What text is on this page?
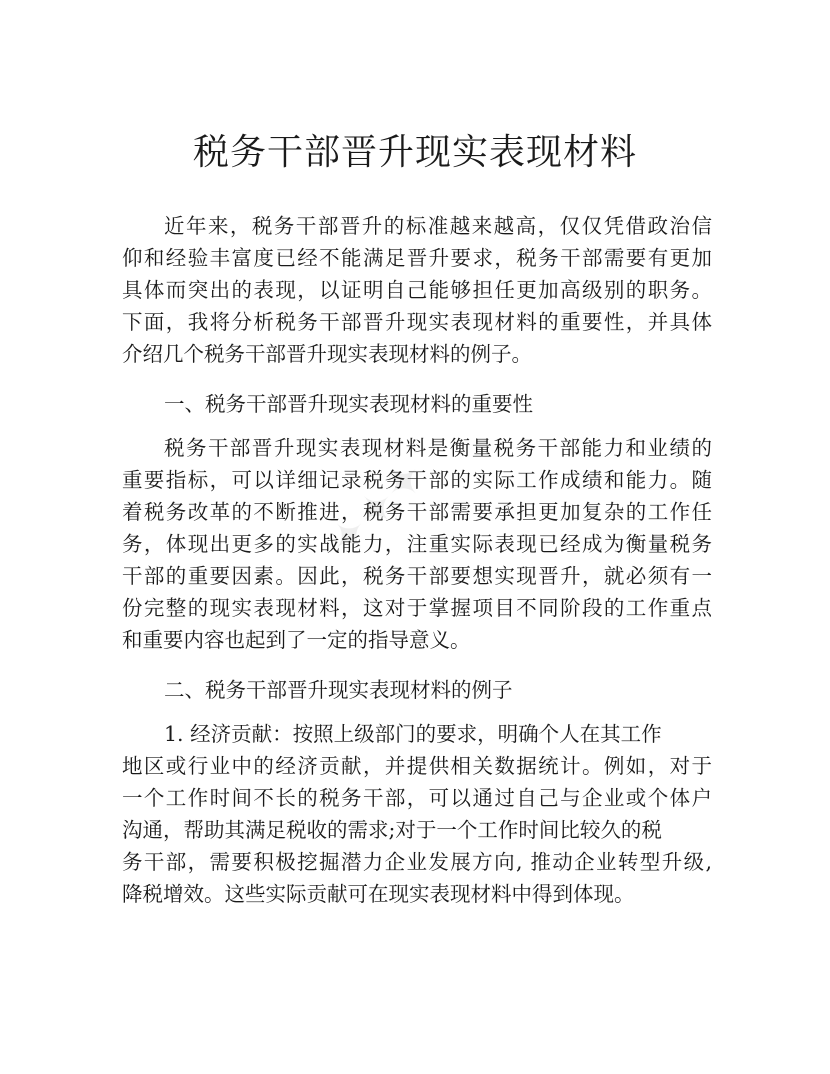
✦✦✦
税务干部晋升现实表现材料
近年来，税务干部晋升的标准越来越高，仅仅凭借政治信
仰和经验丰富度已经不能满足晋升要求，税务干部需要有更加
具体而突出的表现，以证明自己能够担任更加高级别的职务。
下面，我将分析税务干部晋升现实表现材料的重要性，并具体
介绍几个税务干部晋升现实表现材料的例子。
一、税务干部晋升现实表现材料的重要性
税务干部晋升现实表现材料是衡量税务干部能力和业绩的
重要指标，可以详细记录税务干部的实际工作成绩和能力。随
着税务改革的不断推进，税务干部需要承担更加复杂的工作任
务，体现出更多的实战能力，注重实际表现已经成为衡量税务
干部的重要因素。因此，税务干部要想实现晋升，就必须有一
份完整的现实表现材料，这对于掌握项目不同阶段的工作重点
和重要内容也起到了一定的指导意义。
二、税务干部晋升现实表现材料的例子
1. 经济贡献：按照上级部门的要求，明确个人在其工作
地区或行业中的经济贡献，并提供相关数据统计。例如，对于
一个工作时间不长的税务干部，可以通过自己与企业或个体户
沟通，帮助其满足税收的需求;对于一个工作时间比较久的税
务干部，需要积极挖掘潜力企业发展方向, 推动企业转型升级,
降税增效。这些实际贡献可在现实表现材料中得到体现。
